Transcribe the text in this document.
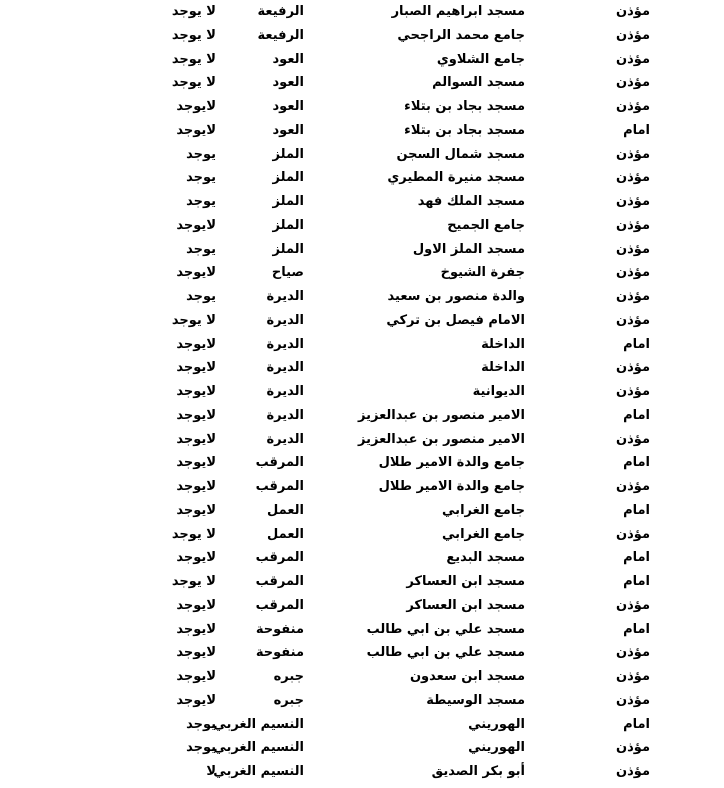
مؤذن
مسجد ابراهيم الصبار
الرفيعة
لا يوجد
مؤذن
جامع محمد الراجحي
الرفيعة
لا يوجد
مؤذن
جامع الشلاوي
العود
لا يوجد
مؤذن
مسجد السوالم
العود
لا يوجد
مؤذن
مسجد بجاد بن بتلاء
العود
لايوجد
امام
مسجد بجاد بن بتلاء
العود
لايوجد
مؤذن
مسجد شمال السجن
الملز
يوجد
مؤذن
مسجد منيرة المطيري
الملز
يوجد
مؤذن
مسجد الملك فهد
الملز
يوجد
مؤذن
جامع الجميح
الملز
لايوجد
مؤذن
مسجد الملز الاول
الملز
يوجد
مؤذن
جفرة الشيوخ
صياح
لايوجد
مؤذن
والدة منصور بن سعيد
الديرة
يوجد
مؤذن
الامام فيصل بن تركي
الديرة
لا يوجد
امام
الداخلة
الديرة
لايوجد
مؤذن
الداخلة
الديرة
لايوجد
مؤذن
الديوانية
الديرة
لايوجد
امام
الامير منصور بن عبدالعزيز
الديرة
لايوجد
مؤذن
الامير منصور بن عبدالعزيز
الديرة
لايوجد
امام
جامع والدة الامير طلال
المرقب
لايوجد
مؤذن
جامع والدة الامير طلال
المرقب
لايوجد
امام
جامع الغرابي
العمل
لايوجد
مؤذن
جامع الغرابي
العمل
لا يوجد
امام
مسجد البديع
المرقب
لايوجد
امام
مسجد ابن العساكر
المرقب
لا يوجد
مؤذن
مسجد ابن العساكر
المرقب
لايوجد
امام
مسجد علي بن ابي طالب
منفوحة
لايوجد
مؤذن
مسجد علي بن ابي طالب
منفوحة
لايوجد
مؤذن
مسجد ابن سعدون
جبره
لايوجد
مؤذن
مسجد الوسيطة
جبره
لايوجد
امام
الهوريني
النسيم الغربي
يوجد
مؤذن
الهوريني
النسيم الغربي
يوجد
مؤذن
أبو بكر الصديق
النسيم الغربي
لا
